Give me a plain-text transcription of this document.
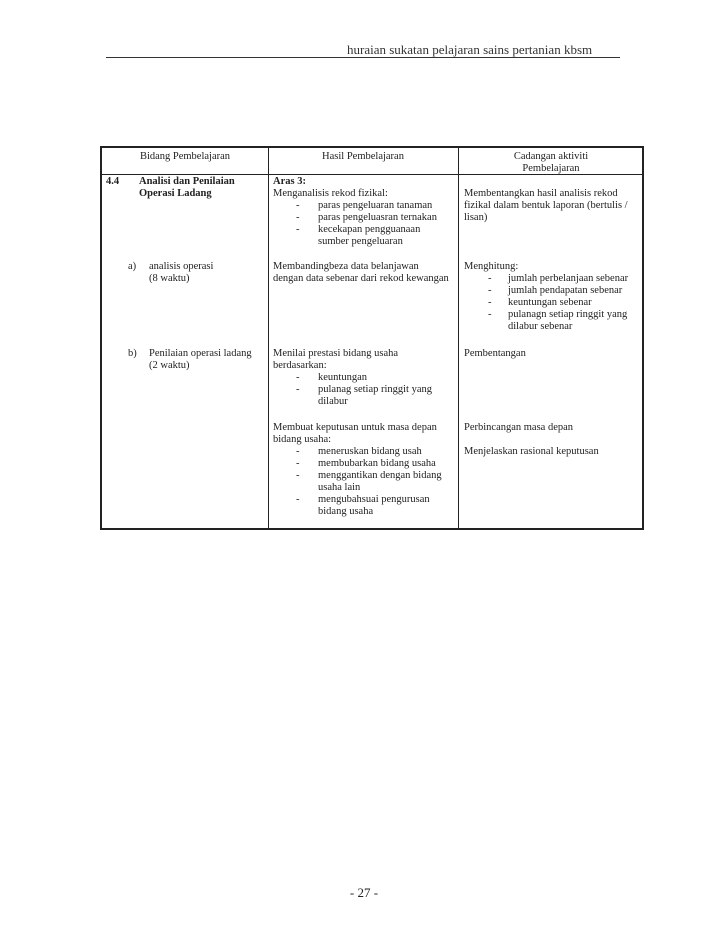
huraian sukatan pelajaran sains pertanian kbsm
Bidang Pembelajaran	Hasil Pembelajaran	Cadangan aktiviti
Pembelajaran
4.4 Analisi dan Penilaian
Operasi Ladang
Aras 3:
Menganalisis rekod fizikal:
- paras pengeluaran tanaman
- paras pengeluasran ternakan
- kecekapan pengguanaan
sumber pengeluaran
Membentangkan hasil analisis rekod
fizikal dalam bentuk laporan (bertulis /
lisan)
a) analisis operasi
(8 waktu)
Membandingbeza data belanjawan
dengan data sebenar dari rekod kewangan
Menghitung:
- jumlah perbelanjaan sebenar
- jumlah pendapatan sebenar
- keuntungan sebenar
- pulanagn setiap ringgit yang
dilabur sebenar
b) Penilaian operasi ladang
(2 waktu)
Menilai prestasi bidang usaha
berdasarkan:
- keuntungan
- pulanag setiap ringgit yang
dilabur
Pembentangan
Membuat keputusan untuk masa depan
bidang usaha:
- meneruskan bidang usah
- membubarkan bidang usaha
- menggantikan dengan bidang
usaha lain
- mengubahsuai pengurusan
bidang usaha
Perbincangan masa depan
Menjelaskan rasional keputusan
- 27 -
